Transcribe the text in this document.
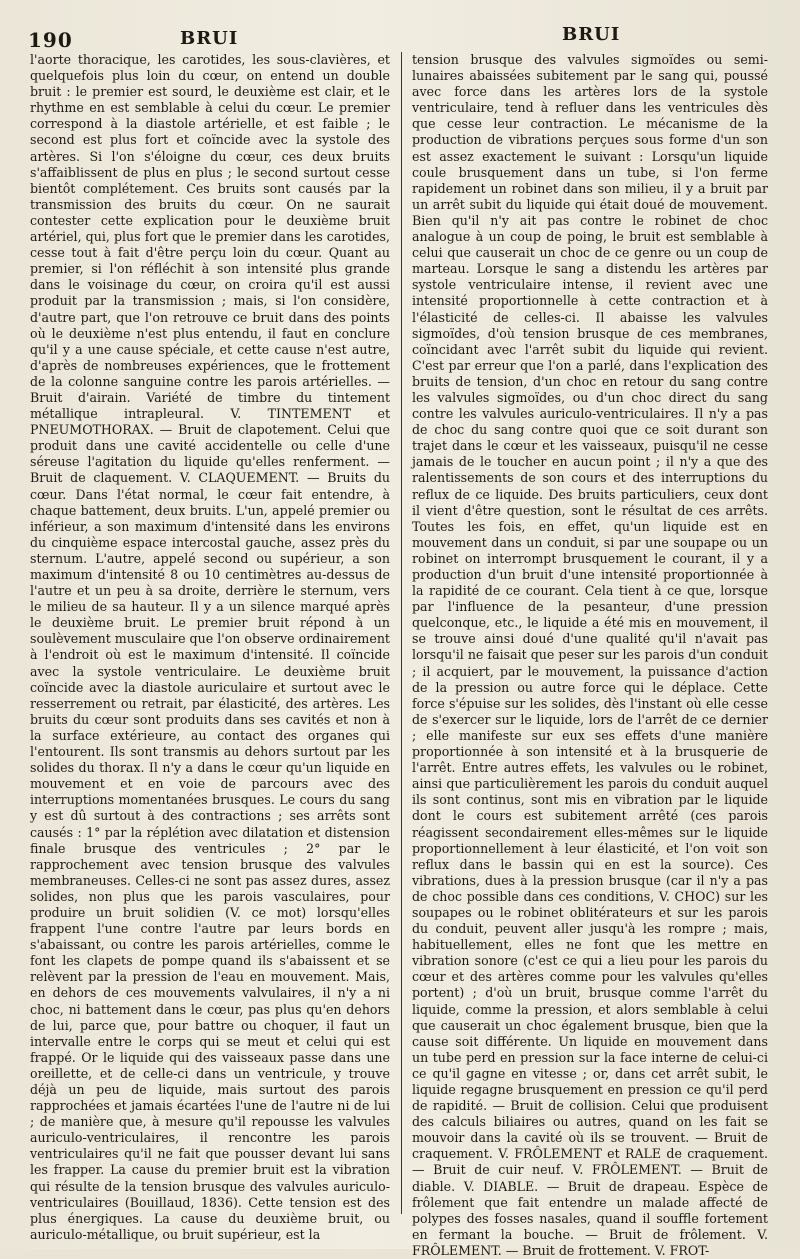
190	BRUI	BRUI

l'aorte thoracique, les carotides, les sous-clavières, et quelquefois plus loin du cœur, on entend un double bruit : le premier est sourd, le deuxième est clair, et le rhythme en est semblable à celui du cœur. Le premier correspond à la diastole artérielle, et est faible ; le second est plus fort et coïncide avec la systole des artères. Si l'on s'éloigne du cœur, ces deux bruits s'affaiblissent de plus en plus ; le second surtout cesse bientôt complétement. Ces bruits sont causés par la transmission des bruits du cœur. On ne saurait contester cette explication pour le deuxième bruit artériel, qui, plus fort que le premier dans les carotides, cesse tout à fait d'être perçu loin du cœur. Quant au premier, si l'on réfléchit à son intensité plus grande dans le voisinage du cœur, on croira qu'il est aussi produit par la transmission ; mais, si l'on considère, d'autre part, que l'on retrouve ce bruit dans des points où le deuxième n'est plus entendu, il faut en conclure qu'il y a une cause spéciale, et cette cause n'est autre, d'après de nombreuses expériences, que le frottement de la colonne sanguine contre les parois artérielles. — Bruit d'airain. Variété de timbre du tintement métallique intrapleural. V. TINTEMENT et PNEUMOTHORAX. — Bruit de clapotement. Celui que produit dans une cavité accidentelle ou celle d'une séreuse l'agitation du liquide qu'elles renferment. — Bruit de claquement. V. CLAQUEMENT. — Bruits du cœur. Dans l'état normal, le cœur fait entendre, à chaque battement, deux bruits. L'un, appelé premier ou inférieur, a son maximum d'intensité dans les environs du cinquième espace intercostal gauche, assez près du sternum. L'autre, appelé second ou supérieur, a son maximum d'intensité 8 ou 10 centimètres au-dessus de l'autre et un peu à sa droite, derrière le sternum, vers le milieu de sa hauteur. Il y a un silence marqué après le deuxième bruit. Le premier bruit répond à un soulèvement musculaire que l'on observe ordinairement à l'endroit où est le maximum d'intensité. Il coïncide avec la systole ventriculaire. Le deuxième bruit coïncide avec la diastole auriculaire et surtout avec le resserrement ou retrait, par élasticité, des artères. Les bruits du cœur sont produits dans ses cavités et non à la surface extérieure, au contact des organes qui l'entourent. Ils sont transmis au dehors surtout par les solides du thorax. Il n'y a dans le cœur qu'un liquide en mouvement et en voie de parcours avec des interruptions momentanées brusques. Le cours du sang y est dû surtout à des contractions ; ses arrêts sont causés : 1° par la réplétion avec dilatation et distension finale brusque des ventricules ; 2° par le rapprochement avec tension brusque des valvules membraneuses. Celles-ci ne sont pas assez dures, assez solides, non plus que les parois vasculaires, pour produire un bruit solidien (V. ce mot) lorsqu'elles frappent l'une contre l'autre par leurs bords en s'abaissant, ou contre les parois artérielles, comme le font les clapets de pompe quand ils s'abaissent et se relèvent par la pression de l'eau en mouvement. Mais, en dehors de ces mouvements valvulaires, il n'y a ni choc, ni battement dans le cœur, pas plus qu'en dehors de lui, parce que, pour battre ou choquer, il faut un intervalle entre le corps qui se meut et celui qui est frappé. Or le liquide qui des vaisseaux passe dans une oreillette, et de celle-ci dans un ventricule, y trouve déjà un peu de liquide, mais surtout des parois rapprochées et jamais écartées l'une de l'autre ni de lui ; de manière que, à mesure qu'il repousse les valvules auriculo-ventriculaires, il rencontre les parois ventriculaires qu'il ne fait que pousser devant lui sans les frapper. La cause du premier bruit est la vibration qui résulte de la tension brusque des valvules auriculo-ventriculaires (Bouillaud, 1836). Cette tension est des plus énergiques. La cause du deuxième bruit, ou auriculo-métallique, ou bruit supérieur, est la

tension brusque des valvules sigmoïdes ou semi-lunaires abaissées subitement par le sang qui, poussé avec force dans les artères lors de la systole ventriculaire, tend à refluer dans les ventricules dès que cesse leur contraction. Le mécanisme de la production de vibrations perçues sous forme d'un son est assez exactement le suivant : Lorsqu'un liquide coule brusquement dans un tube, si l'on ferme rapidement un robinet dans son milieu, il y a bruit par un arrêt subit du liquide qui était doué de mouvement. Bien qu'il n'y ait pas contre le robinet de choc analogue à un coup de poing, le bruit est semblable à celui que causerait un choc de ce genre ou un coup de marteau. Lorsque le sang a distendu les artères par systole ventriculaire intense, il revient avec une intensité proportionnelle à cette contraction et à l'élasticité de celles-ci. Il abaisse les valvules sigmoïdes, d'où tension brusque de ces membranes, coïncidant avec l'arrêt subit du liquide qui revient. C'est par erreur que l'on a parlé, dans l'explication des bruits de tension, d'un choc en retour du sang contre les valvules sigmoïdes, ou d'un choc direct du sang contre les valvules auriculo-ventriculaires. Il n'y a pas de choc du sang contre quoi que ce soit durant son trajet dans le cœur et les vaisseaux, puisqu'il ne cesse jamais de le toucher en aucun point ; il n'y a que des ralentissements de son cours et des interruptions du reflux de ce liquide. Des bruits particuliers, ceux dont il vient d'être question, sont le résultat de ces arrêts. Toutes les fois, en effet, qu'un liquide est en mouvement dans un conduit, si par une soupape ou un robinet on interrompt brusquement le courant, il y a production d'un bruit d'une intensité proportionnée à la rapidité de ce courant. Cela tient à ce que, lorsque par l'influence de la pesanteur, d'une pression quelconque, etc., le liquide a été mis en mouvement, il se trouve ainsi doué d'une qualité qu'il n'avait pas lorsqu'il ne faisait que peser sur les parois d'un conduit ; il acquiert, par le mouvement, la puissance d'action de la pression ou autre force qui le déplace. Cette force s'épuise sur les solides, dès l'instant où elle cesse de s'exercer sur le liquide, lors de l'arrêt de ce dernier ; elle manifeste sur eux ses effets d'une manière proportionnée à son intensité et à la brusquerie de l'arrêt. Entre autres effets, les valvules ou le robinet, ainsi que particulièrement les parois du conduit auquel ils sont continus, sont mis en vibration par le liquide dont le cours est subitement arrêté (ces parois réagissent secondairement elles-mêmes sur le liquide proportionnellement à leur élasticité, et l'on voit son reflux dans le bassin qui en est la source). Ces vibrations, dues à la pression brusque (car il n'y a pas de choc possible dans ces conditions, V. CHOC) sur les soupapes ou le robinet oblitérateurs et sur les parois du conduit, peuvent aller jusqu'à les rompre ; mais, habituellement, elles ne font que les mettre en vibration sonore (c'est ce qui a lieu pour les parois du cœur et des artères comme pour les valvules qu'elles portent) ; d'où un bruit, brusque comme l'arrêt du liquide, comme la pression, et alors semblable à celui que causerait un choc également brusque, bien que la cause soit différente. Un liquide en mouvement dans un tube perd en pression sur la face interne de celui-ci ce qu'il gagne en vitesse ; or, dans cet arrêt subit, le liquide regagne brusquement en pression ce qu'il perd de rapidité. — Bruit de collision. Celui que produisent des calculs biliaires ou autres, quand on les fait se mouvoir dans la cavité où ils se trouvent. — Bruit de craquement. V. FRÔLEMENT et RALE de craquement. — Bruit de cuir neuf. V. FRÔLEMENT. — Bruit de diable. V. DIABLE. — Bruit de drapeau. Espèce de frôlement que fait entendre un malade affecté de polypes des fosses nasales, quand il souffle fortement en fermant la bouche. — Bruit de frôlement. V. FRÔLEMENT. — Bruit de frottement. V. FROT-
